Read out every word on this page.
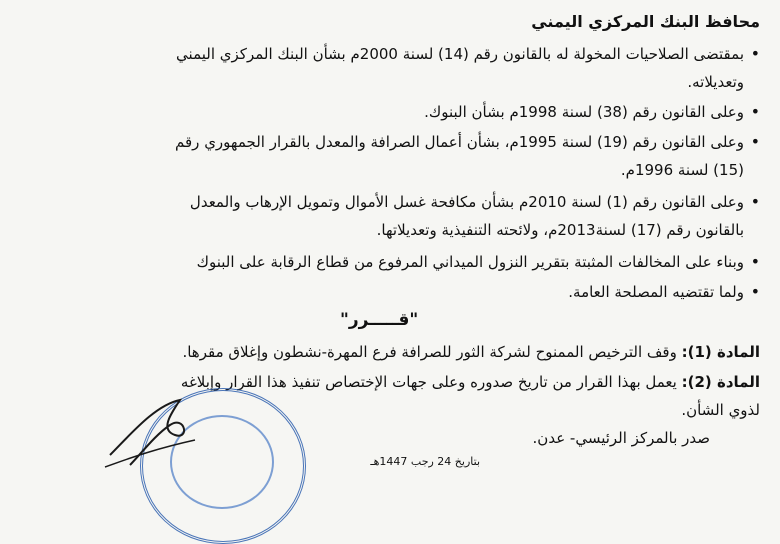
محافظ البنك المركزي اليمني
•
بمقتضى الصلاحيات المخولة له بالقانون رقم (14) لسنة 2000م بشأن البنك المركزي اليمني
وتعديلاته.
•
وعلى القانون رقم (38) لسنة 1998م بشأن البنوك.
•
وعلى القانون رقم (19) لسنة 1995م، بشأن أعمال الصرافة والمعدل بالقرار الجمهوري رقم
(15) لسنة 1996م.
•
وعلى القانون رقم (1) لسنة 2010م بشأن مكافحة غسل الأموال وتمويل الإرهاب والمعدل
بالقانون رقم (17) لسنة2013م، ولائحته التنفيذية وتعديلاتها.
•
وبناء على المخالفات المثبتة بتقرير النزول الميداني المرفوع من قطاع الرقابة على البنوك
•
ولما تقتضيه المصلحة العامة.
"قـــــرر"
المادة (1): وقف الترخيص الممنوح لشركة الثور للصرافة فرع المهرة-نشطون وإغلاق مقرها.
المادة (2): يعمل بهذا القرار من تاريخ صدوره وعلى جهات الإختصاص تنفيذ هذا القرار وإبلاغه
لذوي الشأن.
صدر بالمركز الرئيسي- عدن.
بتاريخ 24 رجب 1447هـ
